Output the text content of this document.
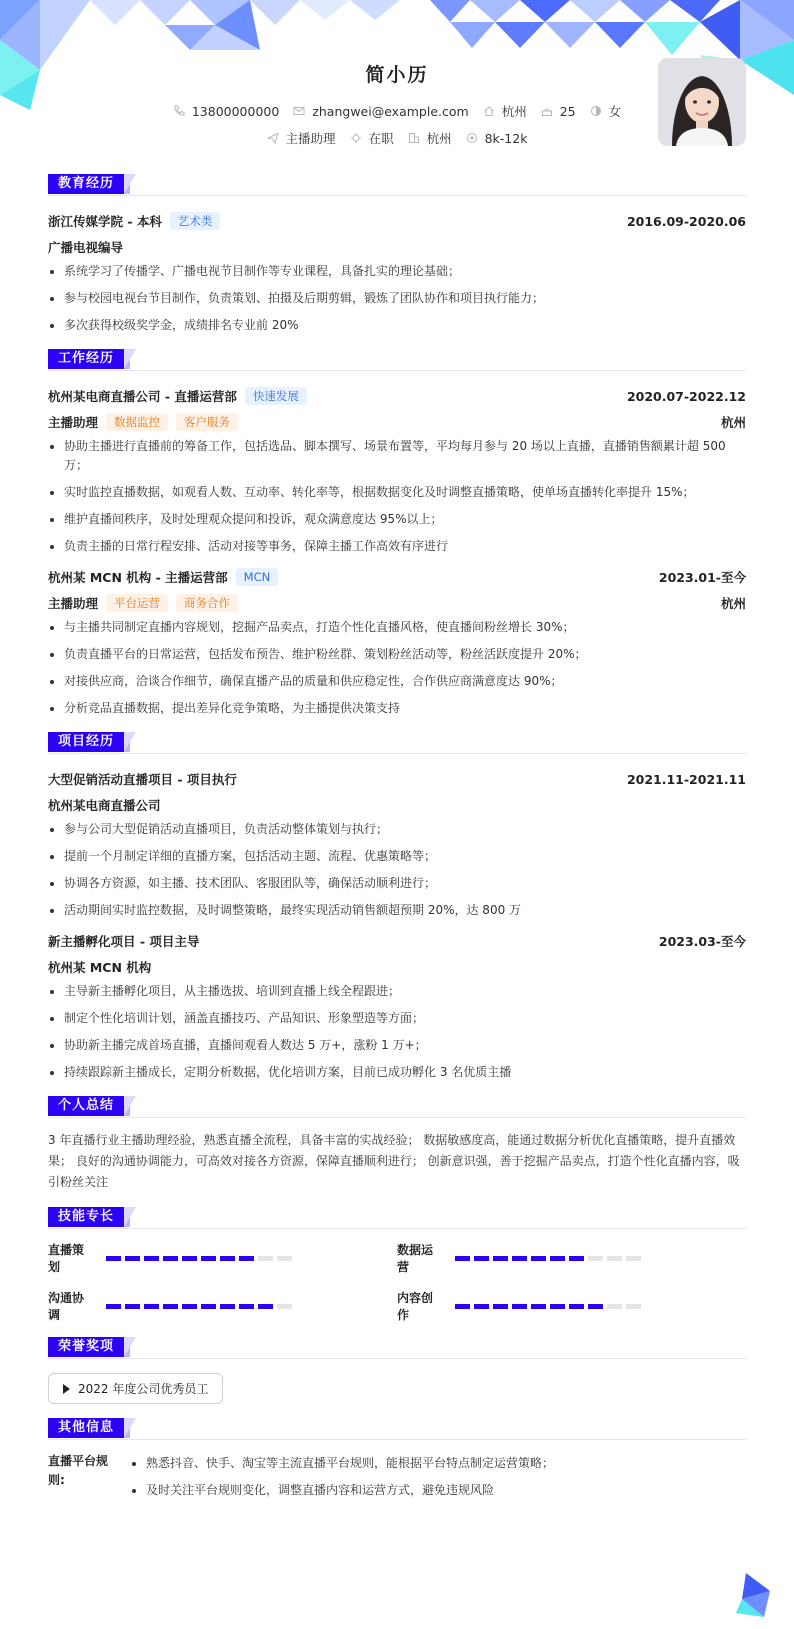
简小历
13800000000	zhangwei@example.com	杭州	25	女
主播助理	在职	杭州	8k-12k
教育经历
浙江传媒学院 - 本科	艺术类	2016.09-2020.06
广播电视编导
系统学习了传播学、广播电视节目制作等专业课程，具备扎实的理论基础；
参与校园电视台节目制作，负责策划、拍摄及后期剪辑，锻炼了团队协作和项目执行能力；
多次获得校级奖学金，成绩排名专业前 20%
工作经历
杭州某电商直播公司 - 直播运营部	快速发展	2020.07-2022.12
主播助理	数据监控	客户服务	杭州
协助主播进行直播前的筹备工作，包括选品、脚本撰写、场景布置等，平均每月参与 20 场以上直播，直播销售额累计超 500 万；
实时监控直播数据，如观看人数、互动率、转化率等，根据数据变化及时调整直播策略，使单场直播转化率提升 15%；
维护直播间秩序，及时处理观众提问和投诉，观众满意度达 95%以上；
负责主播的日常行程安排、活动对接等事务，保障主播工作高效有序进行
杭州某 MCN 机构 - 主播运营部	MCN	2023.01-至今
主播助理	平台运营	商务合作	杭州
与主播共同制定直播内容规划，挖掘产品卖点，打造个性化直播风格，使直播间粉丝增长 30%；
负责直播平台的日常运营，包括发布预告、维护粉丝群、策划粉丝活动等，粉丝活跃度提升 20%；
对接供应商，洽谈合作细节，确保直播产品的质量和供应稳定性，合作供应商满意度达 90%；
分析竞品直播数据，提出差异化竞争策略，为主播提供决策支持
项目经历
大型促销活动直播项目 - 项目执行	2021.11-2021.11
杭州某电商直播公司
参与公司大型促销活动直播项目，负责活动整体策划与执行；
提前一个月制定详细的直播方案，包括活动主题、流程、优惠策略等；
协调各方资源，如主播、技术团队、客服团队等，确保活动顺利进行；
活动期间实时监控数据，及时调整策略，最终实现活动销售额超预期 20%，达 800 万
新主播孵化项目 - 项目主导	2023.03-至今
杭州某 MCN 机构
主导新主播孵化项目，从主播选拔、培训到直播上线全程跟进；
制定个性化培训计划，涵盖直播技巧、产品知识、形象塑造等方面；
协助新主播完成首场直播，直播间观看人数达 5 万+，涨粉 1 万+；
持续跟踪新主播成长，定期分析数据，优化培训方案，目前已成功孵化 3 名优质主播
个人总结

3 年直播行业主播助理经验，熟悉直播全流程，具备丰富的实战经验； 数据敏感度高，能通过数据分析优化直播策略，提升直播效果； 良好的沟通协调能力，可高效对接各方资源，保障直播顺利进行； 创新意识强，善于挖掘产品卖点，打造个性化直播内容，吸引粉丝关注

技能专长
直播策划
数据运营
沟通协调
内容创作
荣誉奖项
2022 年度公司优秀员工
其他信息
直播平台规则:
熟悉抖音、快手、淘宝等主流直播平台规则，能根据平台特点制定运营策略；
及时关注平台规则变化，调整直播内容和运营方式，避免违规风险
